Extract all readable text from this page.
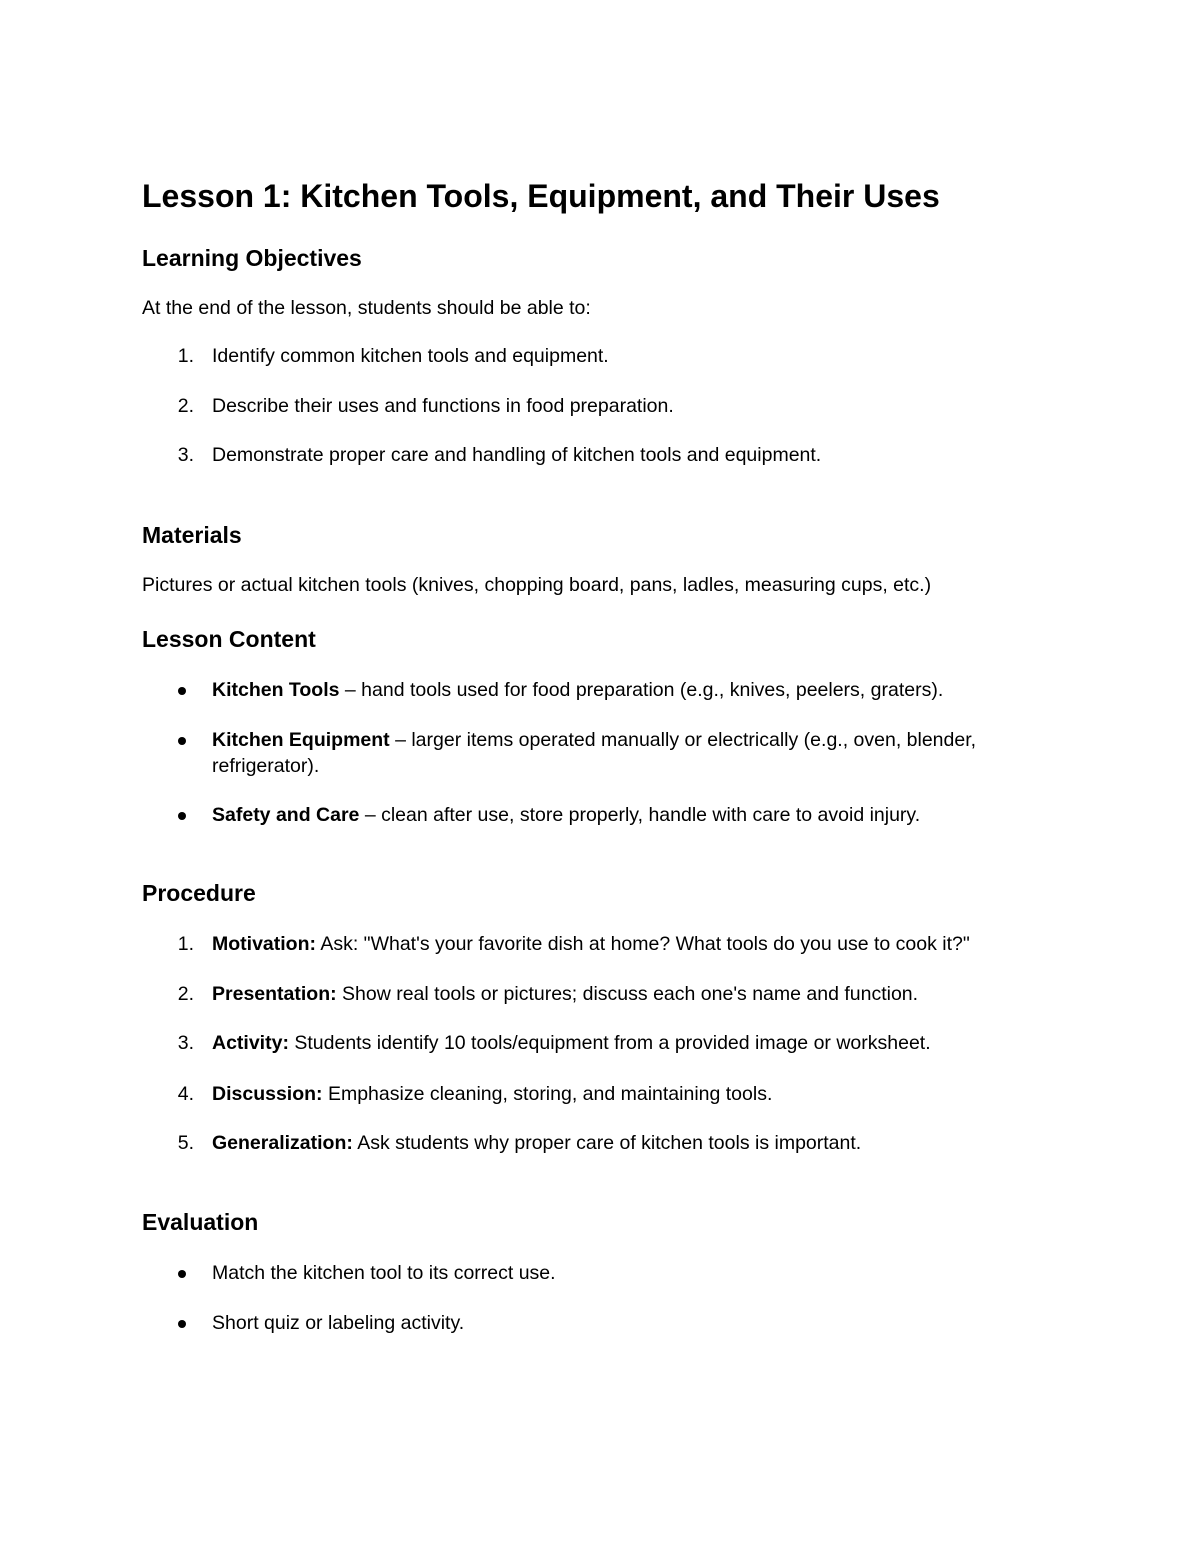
Lesson 1: Kitchen Tools, Equipment, and Their Uses
Learning Objectives
At the end of the lesson, students should be able to:
1. Identify common kitchen tools and equipment.
2. Describe their uses and functions in food preparation.
3. Demonstrate proper care and handling of kitchen tools and equipment.
Materials
Pictures or actual kitchen tools (knives, chopping board, pans, ladles, measuring cups, etc.)
Lesson Content
Kitchen Tools – hand tools used for food preparation (e.g., knives, peelers, graters).
Kitchen Equipment – larger items operated manually or electrically (e.g., oven, blender, refrigerator).
Safety and Care – clean after use, store properly, handle with care to avoid injury.
Procedure
1. Motivation: Ask: "What's your favorite dish at home? What tools do you use to cook it?"
2. Presentation: Show real tools or pictures; discuss each one's name and function.
3. Activity: Students identify 10 tools/equipment from a provided image or worksheet.
4. Discussion: Emphasize cleaning, storing, and maintaining tools.
5. Generalization: Ask students why proper care of kitchen tools is important.
Evaluation
Match the kitchen tool to its correct use.
Short quiz or labeling activity.
